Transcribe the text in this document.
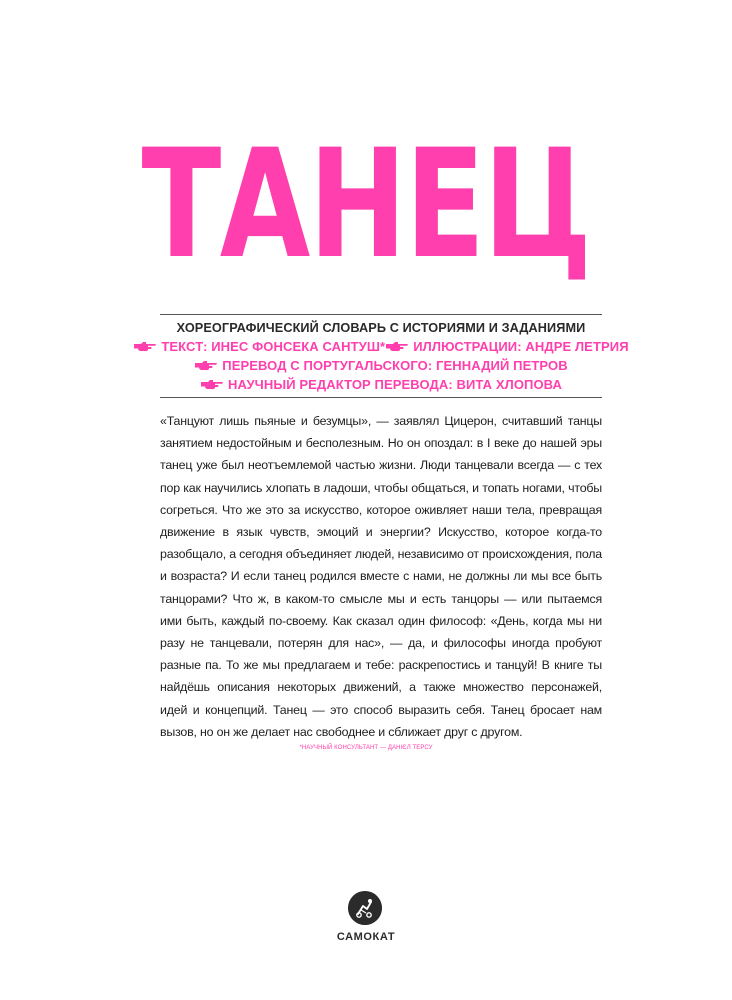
ТАНЕЦ
ХОРЕОГРАФИЧЕСКИЙ СЛОВАРЬ С ИСТОРИЯМИ И ЗАДАНИЯМИ
ТЕКСТ: ИНЕС ФОНСЕКА САНТУШ* ИЛЛЮСТРАЦИИ: АНДРЕ ЛЕТРИЯ
ПЕРЕВОД С ПОРТУГАЛЬСКОГО: ГЕННАДИЙ ПЕТРОВ
НАУЧНЫЙ РЕДАКТОР ПЕРЕВОДА: ВИТА ХЛОПОВА

«Танцуют лишь пьяные и безумцы», — заявлял Цицерон, считавший танцы занятием недостойным и бесполезным. Но он опоздал: в I веке до нашей эры танец уже был неотъемлемой частью жизни. Люди танцевали всегда — с тех пор как научились хлопать в ладоши, чтобы общаться, и топать ногами, чтобы согреться. Что же это за искусство, которое оживляет наши тела, превращая движение в язык чувств, эмоций и энергии? Искусство, которое когда-то разобщало, а сегодня объединяет людей, независимо от происхождения, пола и возраста? И если танец родился вместе с нами, не должны ли мы все быть танцорами? Что ж, в каком-то смысле мы и есть танцоры — или пытаемся ими быть, каждый по-своему. Как сказал один философ: «День, когда мы ни разу не танцевали, потерян для нас», — да, и философы иногда пробуют разные па. То же мы предлагаем и тебе: раскрепостись и танцуй! В книге ты найдёшь описания некоторых движений, а также множество персонажей, идей и концепций. Танец — это способ выразить себя. Танец бросает нам вызов, но он же делает нас свободнее и сближает друг с другом.

*НАУЧНЫЙ КОНСУЛЬТАНТ — ДАНІЄЛ ТЕРСУ
САМОКАТ
